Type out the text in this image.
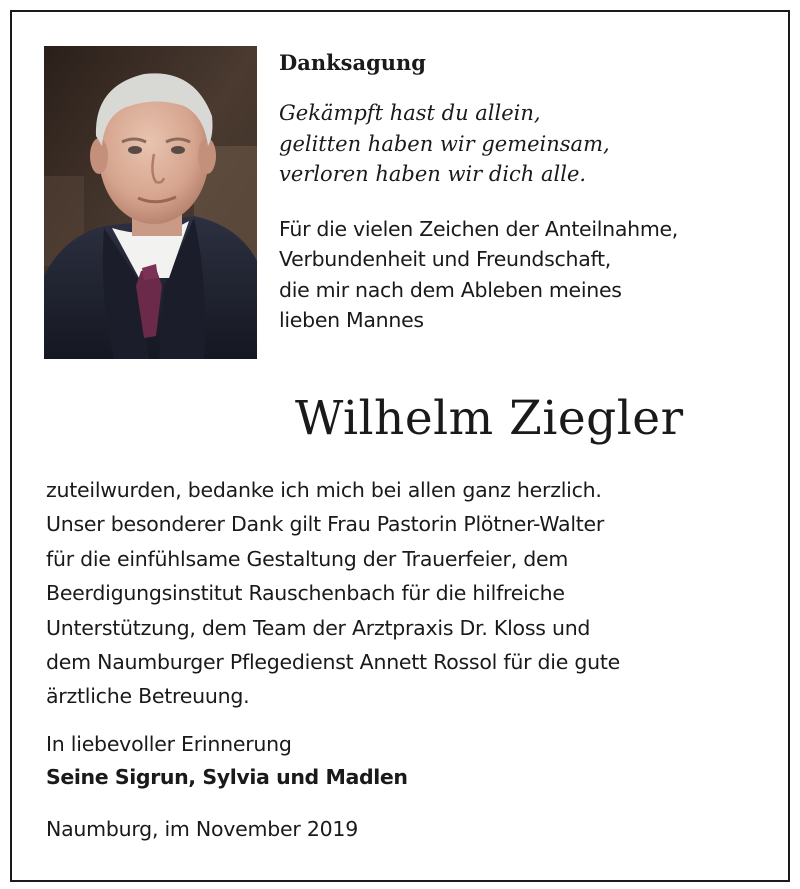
Danksagung

Gekämpft hast du allein,
gelitten haben wir gemeinsam,
verloren haben wir dich alle.

Für die vielen Zeichen der Anteilnahme,
Verbundenheit und Freundschaft,
die mir nach dem Ableben meines
lieben Mannes

Wilhelm Ziegler

zuteilwurden, bedanke ich mich bei allen ganz herzlich.
Unser besonderer Dank gilt Frau Pastorin Plötner-Walter
für die einfühlsame Gestaltung der Trauerfeier, dem
Beerdigungsinstitut Rauschenbach für die hilfreiche
Unterstützung, dem Team der Arztpraxis Dr. Kloss und
dem Naumburger Pflegedienst Annett Rossol für die gute
ärztliche Betreuung.

In liebevoller Erinnerung

Seine Sigrun, Sylvia und Madlen

Naumburg, im November 2019
